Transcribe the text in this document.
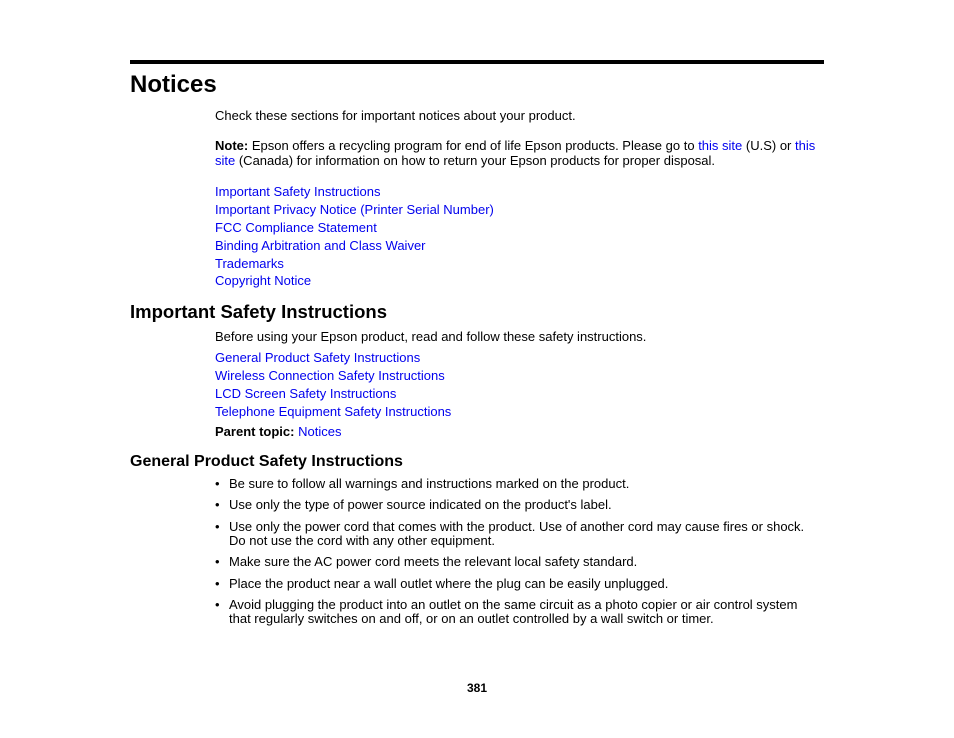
Notices

Check these sections for important notices about your product.

Note: Epson offers a recycling program for end of life Epson products. Please go to this site (U.S) or this
site (Canada) for information on how to return your Epson products for proper disposal.

Important Safety Instructions
Important Privacy Notice (Printer Serial Number)
FCC Compliance Statement
Binding Arbitration and Class Waiver
Trademarks
Copyright Notice
Important Safety Instructions

Before using your Epson product, read and follow these safety instructions.

General Product Safety Instructions
Wireless Connection Safety Instructions
LCD Screen Safety Instructions
Telephone Equipment Safety Instructions

Parent topic: Notices

General Product Safety Instructions
• Be sure to follow all warnings and instructions marked on the product.
• Use only the type of power source indicated on the product's label.
• Use only the power cord that comes with the product. Use of another cord may cause fires or shock. Do not use the cord with any other equipment.
• Make sure the AC power cord meets the relevant local safety standard.
• Place the product near a wall outlet where the plug can be easily unplugged.
• Avoid plugging the product into an outlet on the same circuit as a photo copier or air control system that regularly switches on and off, or on an outlet controlled by a wall switch or timer.
381
